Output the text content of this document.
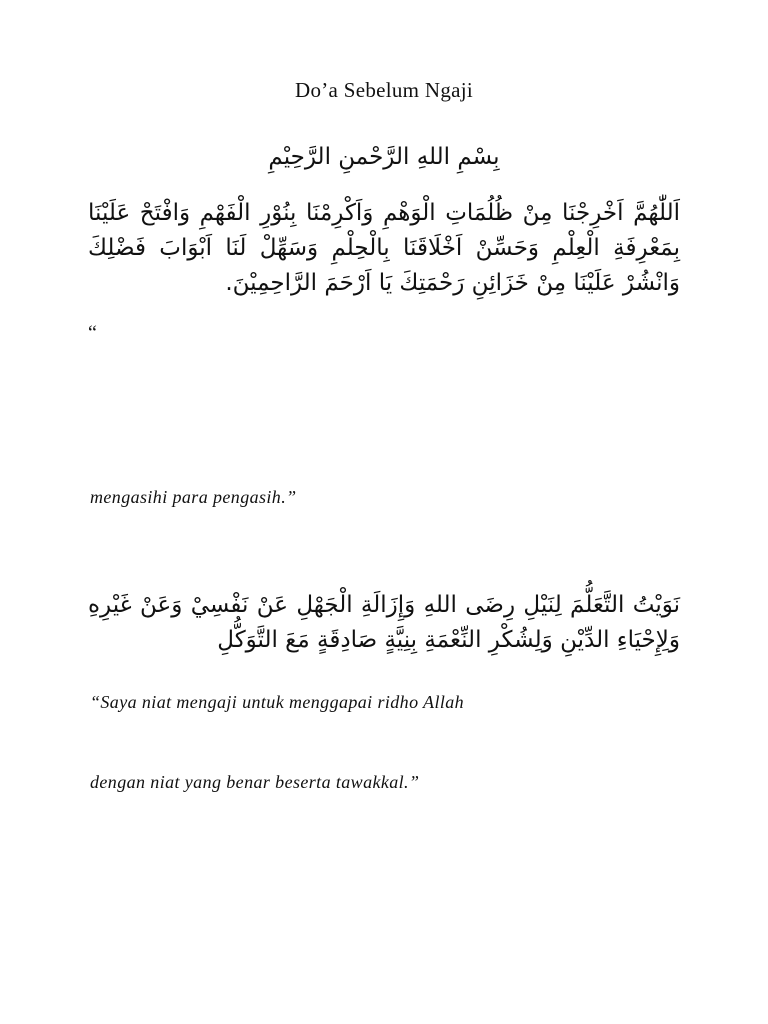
Do’a Sebelum Ngaji
بِسْمِ اللهِ الرَّحْمنِ الرَّحِيْمِ
اَللّٰهُمَّ اَخْرِجْنَا مِنْ ظُلُمَاتِ الْوَهْمِ وَاَكْرِمْنَا بِنُوْرِ الْفَهْمِ وَافْتَحْ عَلَيْنَا بِمَعْرِفَةِ الْعِلْمِ وَحَسِّنْ اَخْلَاقَنَا بِالْحِلْمِ وَسَهِّلْ لَنَا اَبْوَابَ فَضْلِكَ وَانْشُرْ عَلَيْنَا مِنْ خَزَائِنِ رَحْمَتِكَ يَا اَرْحَمَ الرَّاحِمِيْنَ.
“
mengasihi para pengasih.”
نَوَيْتُ التَّعَلُّمَ لِنَيْلِ رِضَى اللهِ وَإِزَالَةِ الْجَهْلِ عَنْ نَفْسِيْ وَعَنْ غَيْرِهِ وَلِإِحْيَاءِ الدِّيْنِ وَلِشُكْرِ النِّعْمَةِ بِنِيَّةٍ صَادِقَةٍ مَعَ التَّوَكُّلِ
“Saya niat mengaji untuk menggapai ridho Allah
dengan niat yang benar beserta tawakkal.”
